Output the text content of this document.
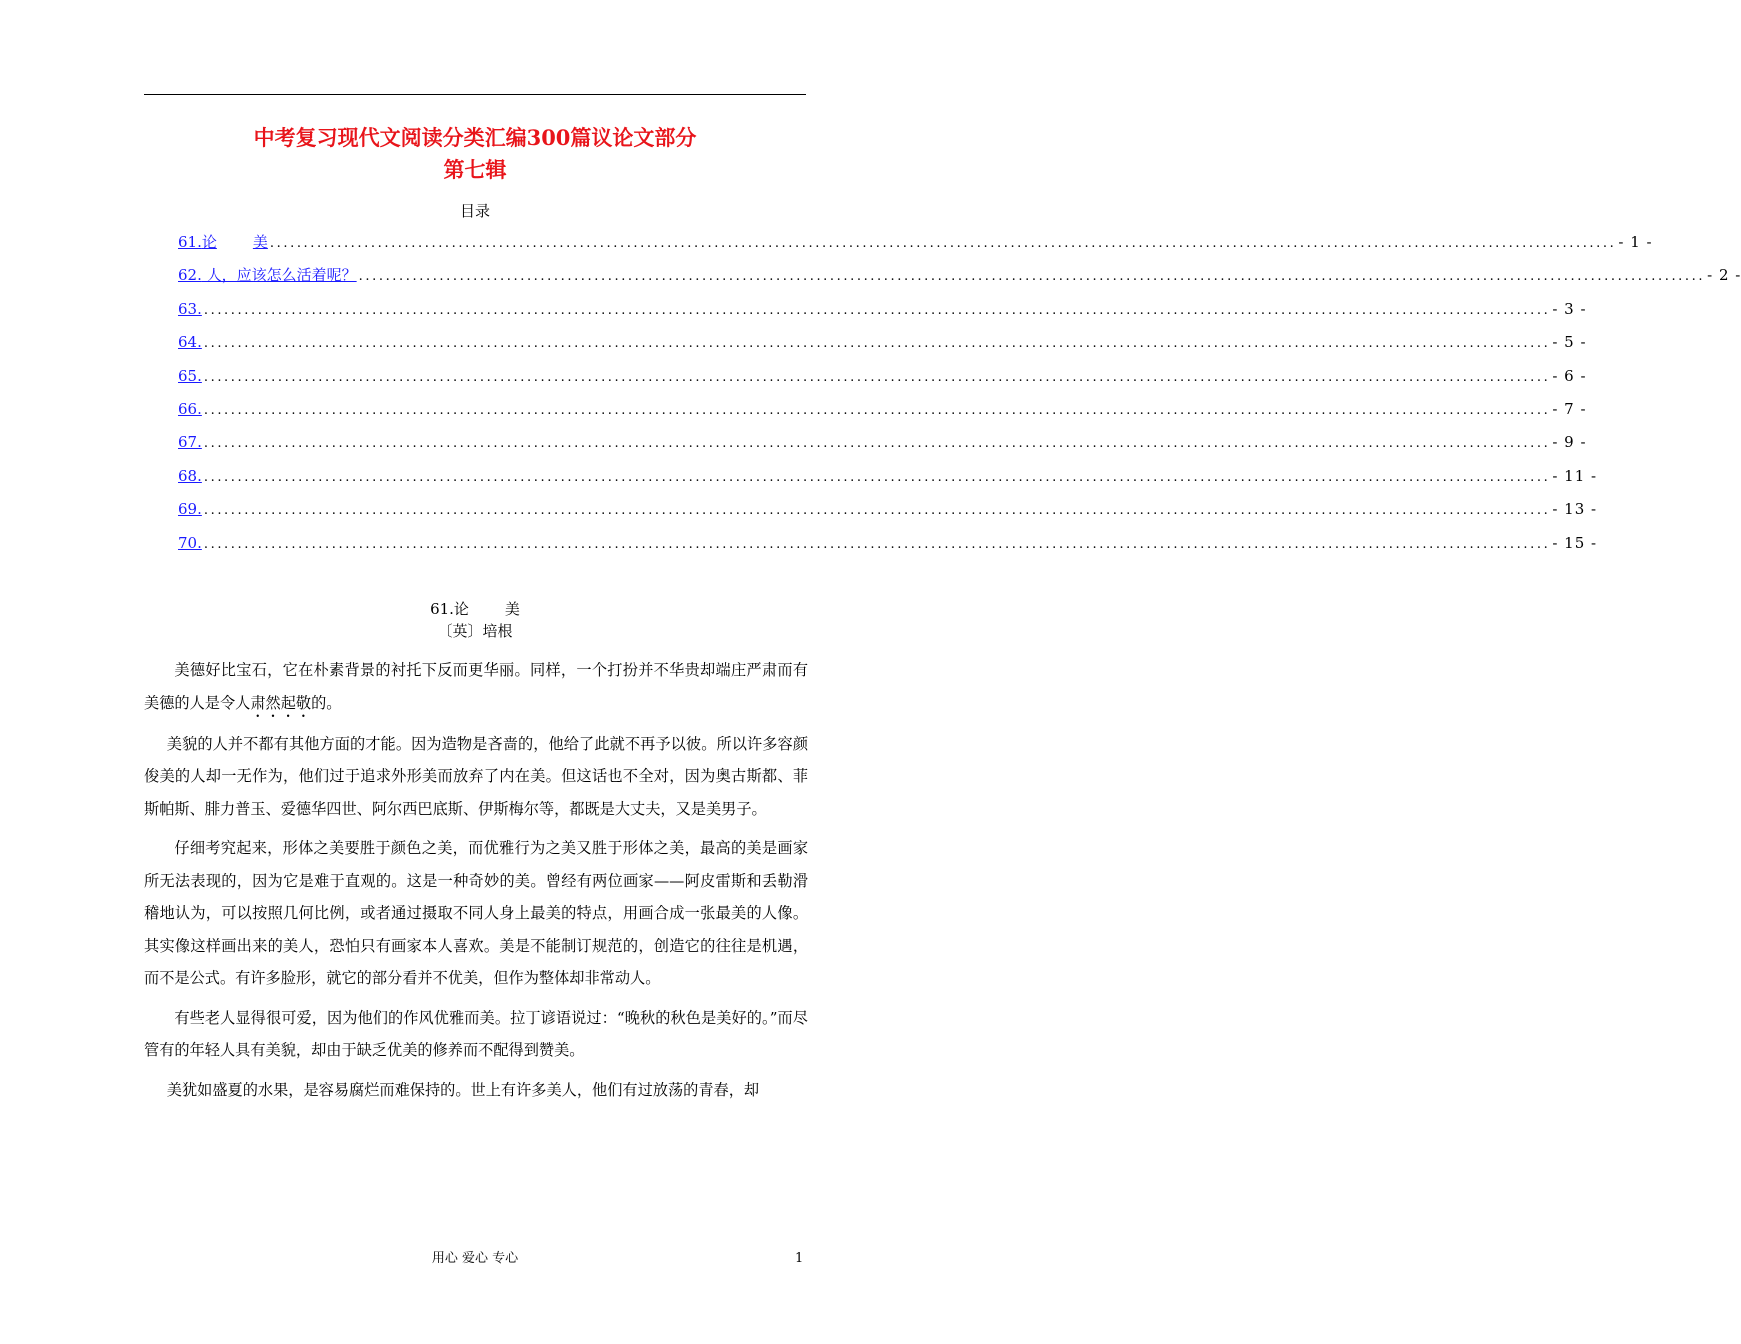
中考复习现代文阅读分类汇编300篇议论文部分
第七辑
目录
61.论 美 ........................................................................................................................................................................................................ - 1 -
62. 人，应该怎么活着呢？ ........................................................................................................................................................................................................ - 2 -
63. ........................................................................................................................................................................................................ - 3 -
64. ........................................................................................................................................................................................................ - 5 -
65. ........................................................................................................................................................................................................ - 6 -
66. ........................................................................................................................................................................................................ - 7 -
67. ........................................................................................................................................................................................................ - 9 -
68. ........................................................................................................................................................................................................ - 11 -
69. ........................................................................................................................................................................................................ - 13 -
70. ........................................................................................................................................................................................................ - 15 -
61.论 美
〔英〕培根

美德好比宝石，它在朴素背景的衬托下反而更华丽。同样，一个打扮并不华贵却端庄严肃而有美德的人是令人肃然起敬的。

美貌的人并不都有其他方面的才能。因为造物是吝啬的，他给了此就不再予以彼。所以许多容颜俊美的人却一无作为，他们过于追求外形美而放弃了内在美。但这话也不全对，因为奥古斯都、菲斯帕斯、腓力普玉、爱德华四世、阿尔西巴底斯、伊斯梅尔等，都既是大丈夫，又是美男子。

仔细考究起来，形体之美要胜于颜色之美，而优雅行为之美又胜于形体之美，最高的美是画家所无法表现的，因为它是难于直观的。这是一种奇妙的美。曾经有两位画家——阿皮雷斯和丢勒滑稽地认为，可以按照几何比例，或者通过摄取不同人身上最美的特点，用画合成一张最美的人像。其实像这样画出来的美人，恐怕只有画家本人喜欢。美是不能制订规范的，创造它的往往是机遇，而不是公式。有许多脸形，就它的部分看并不优美，但作为整体却非常动人。

有些老人显得很可爱，因为他们的作风优雅而美。拉丁谚语说过：“晚秋的秋色是美好的。”而尽管有的年轻人具有美貌，却由于缺乏优美的修养而不配得到赞美。

美犹如盛夏的水果，是容易腐烂而难保持的。世上有许多美人，他们有过放荡的青春，却

用心 爱心 专心	1
